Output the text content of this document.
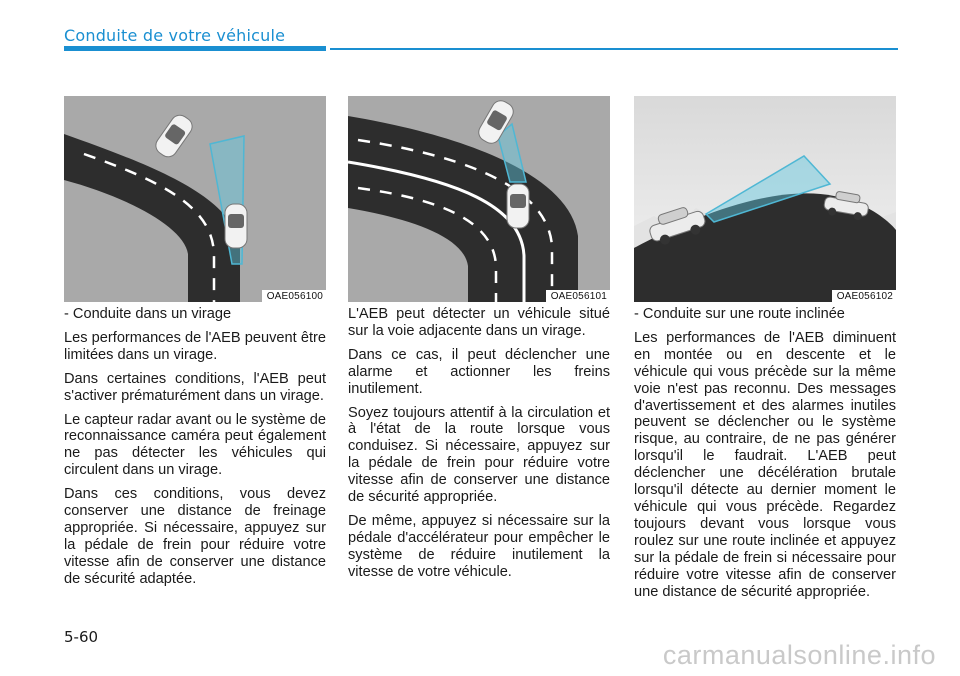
Conduite de votre véhicule
OAE056100	OAE056101	OAE056102

- Conduite dans un virage

Les performances de l'AEB peuvent être limitées dans un virage.

Dans certaines conditions, l'AEB peut s'activer prématurément dans un virage.

Le capteur radar avant ou le système de reconnaissance caméra peut également ne pas détecter les véhicules qui circulent dans un virage.

Dans ces conditions, vous devez conserver une distance de freinage appropriée. Si nécessaire, appuyez sur la pédale de frein pour réduire votre vitesse afin de conserver une distance de sécurité adaptée.

L'AEB peut détecter un véhicule situé sur la voie adjacente dans un virage.

Dans ce cas, il peut déclencher une alarme et actionner les freins inutilement.

Soyez toujours attentif à la circulation et à l'état de la route lorsque vous conduisez. Si nécessaire, appuyez sur la pédale de frein pour réduire votre vitesse afin de conserver une distance de sécurité appropriée.

De même, appuyez si nécessaire sur la pédale d'accélérateur pour empêcher le système de réduire inutilement la vitesse de votre véhicule.

- Conduite sur une route inclinée

Les performances de l'AEB diminuent en montée ou en descente et le véhicule qui vous précède sur la même voie n'est pas reconnu. Des messages d'avertissement et des alarmes inutiles peuvent se déclencher ou le système risque, au contraire, de ne pas générer lorsqu'il le faudrait. L'AEB peut déclencher une décélération brutale lorsqu'il détecte au dernier moment le véhicule qui vous précède. Regardez toujours devant vous lorsque vous roulez sur une route inclinée et appuyez sur la pédale de frein si nécessaire pour réduire votre vitesse afin de conserver une distance de sécurité appropriée.

5-60
carmanualsonline.info
